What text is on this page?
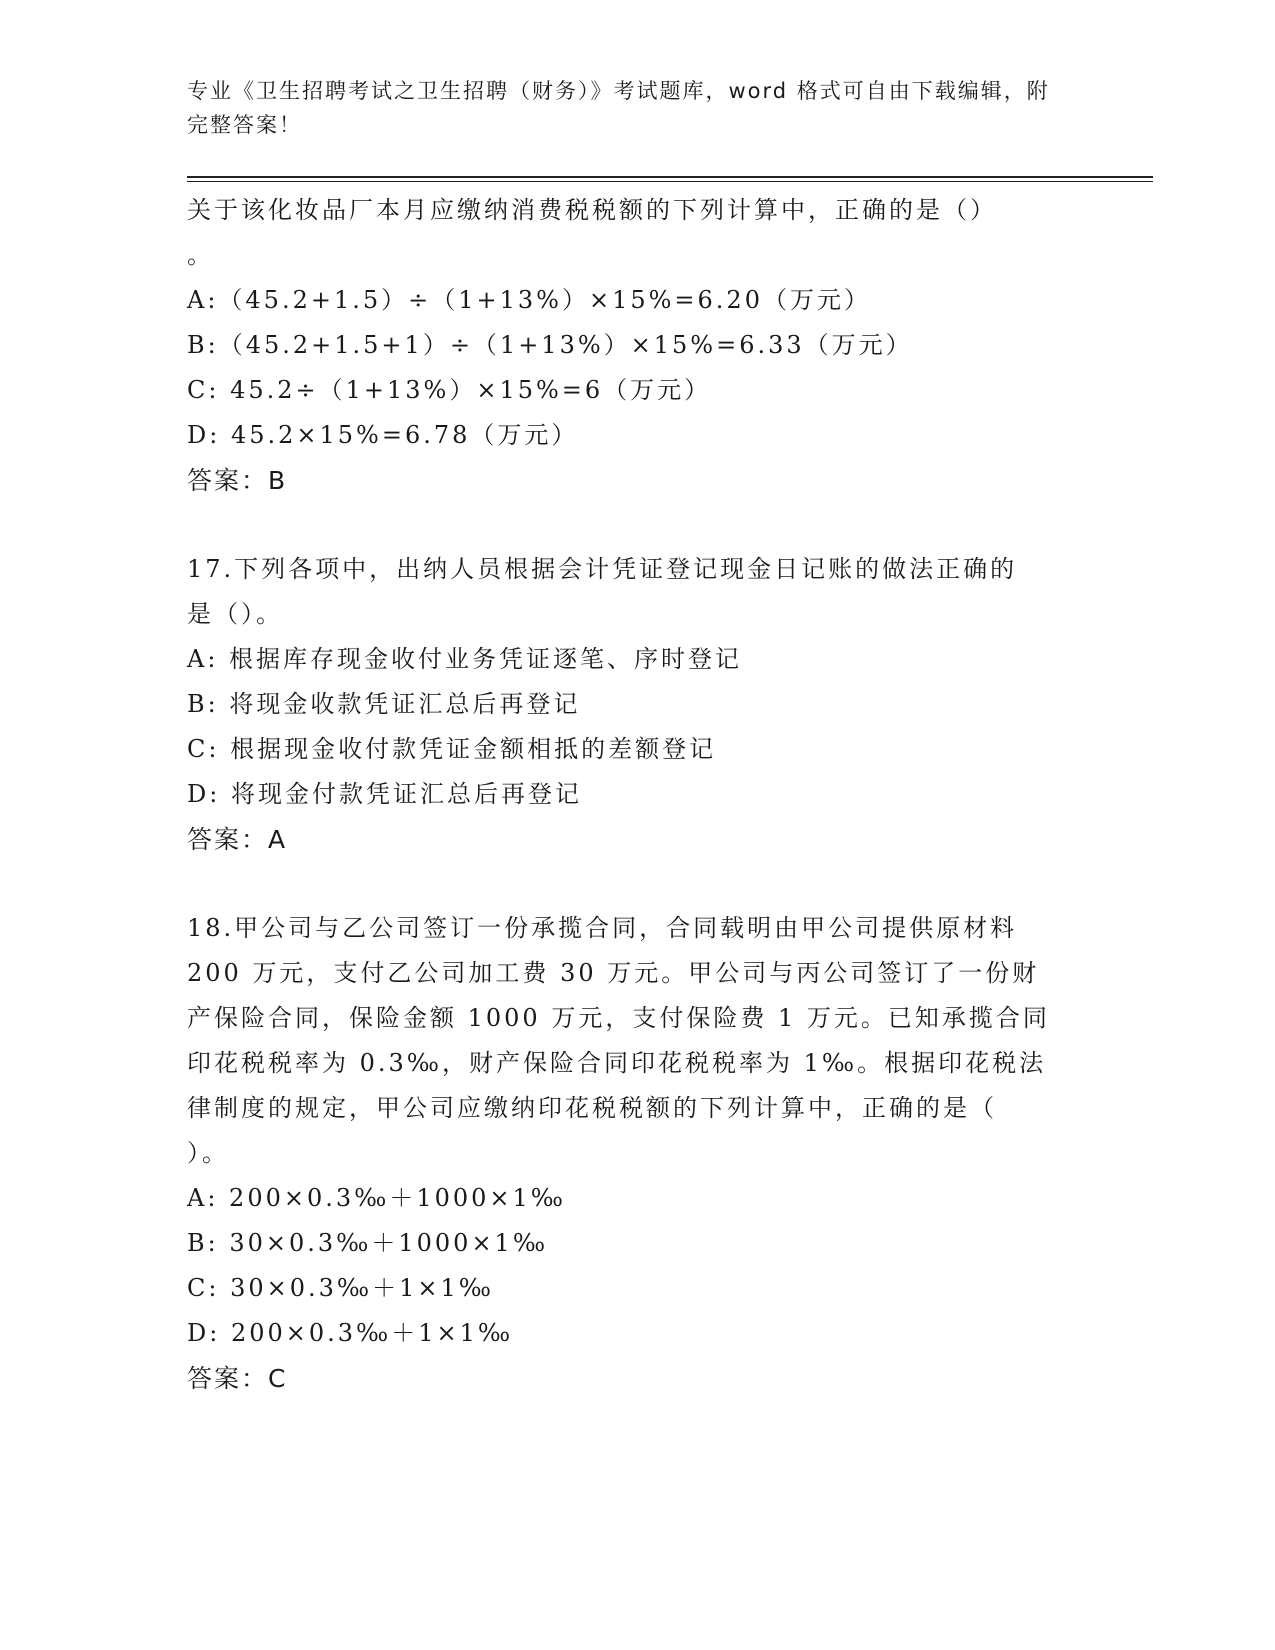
专业《卫生招聘考试之卫生招聘（财务）》考试题库，word 格式可自由下载编辑，附完整答案！
关于该化妆品厂本月应缴纳消费税税额的下列计算中，正确的是（）
。
A:（45.2+1.5）÷（1+13%）×15%=6.20（万元）
B:（45.2+1.5+1）÷（1+13%）×15%=6.33（万元）
C: 45.2÷（1+13%）×15%=6（万元）
D: 45.2×15%=6.78（万元）
答案：B
17.下列各项中，出纳人员根据会计凭证登记现金日记账的做法正确的
是（）。
A: 根据库存现金收付业务凭证逐笔、序时登记
B: 将现金收款凭证汇总后再登记
C: 根据现金收付款凭证金额相抵的差额登记
D: 将现金付款凭证汇总后再登记
答案：A
18.甲公司与乙公司签订一份承揽合同，合同载明由甲公司提供原材料
200 万元，支付乙公司加工费 30 万元。甲公司与丙公司签订了一份财
产保险合同，保险金额 1000 万元，支付保险费 1 万元。已知承揽合同
印花税税率为 0.3‰，财产保险合同印花税税率为 1‰。根据印花税法
律制度的规定，甲公司应缴纳印花税税额的下列计算中，正确的是（
）。
A: 200×0.3‰＋1000×1‰
B: 30×0.3‰＋1000×1‰
C: 30×0.3‰＋1×1‰
D: 200×0.3‰＋1×1‰
答案：C
